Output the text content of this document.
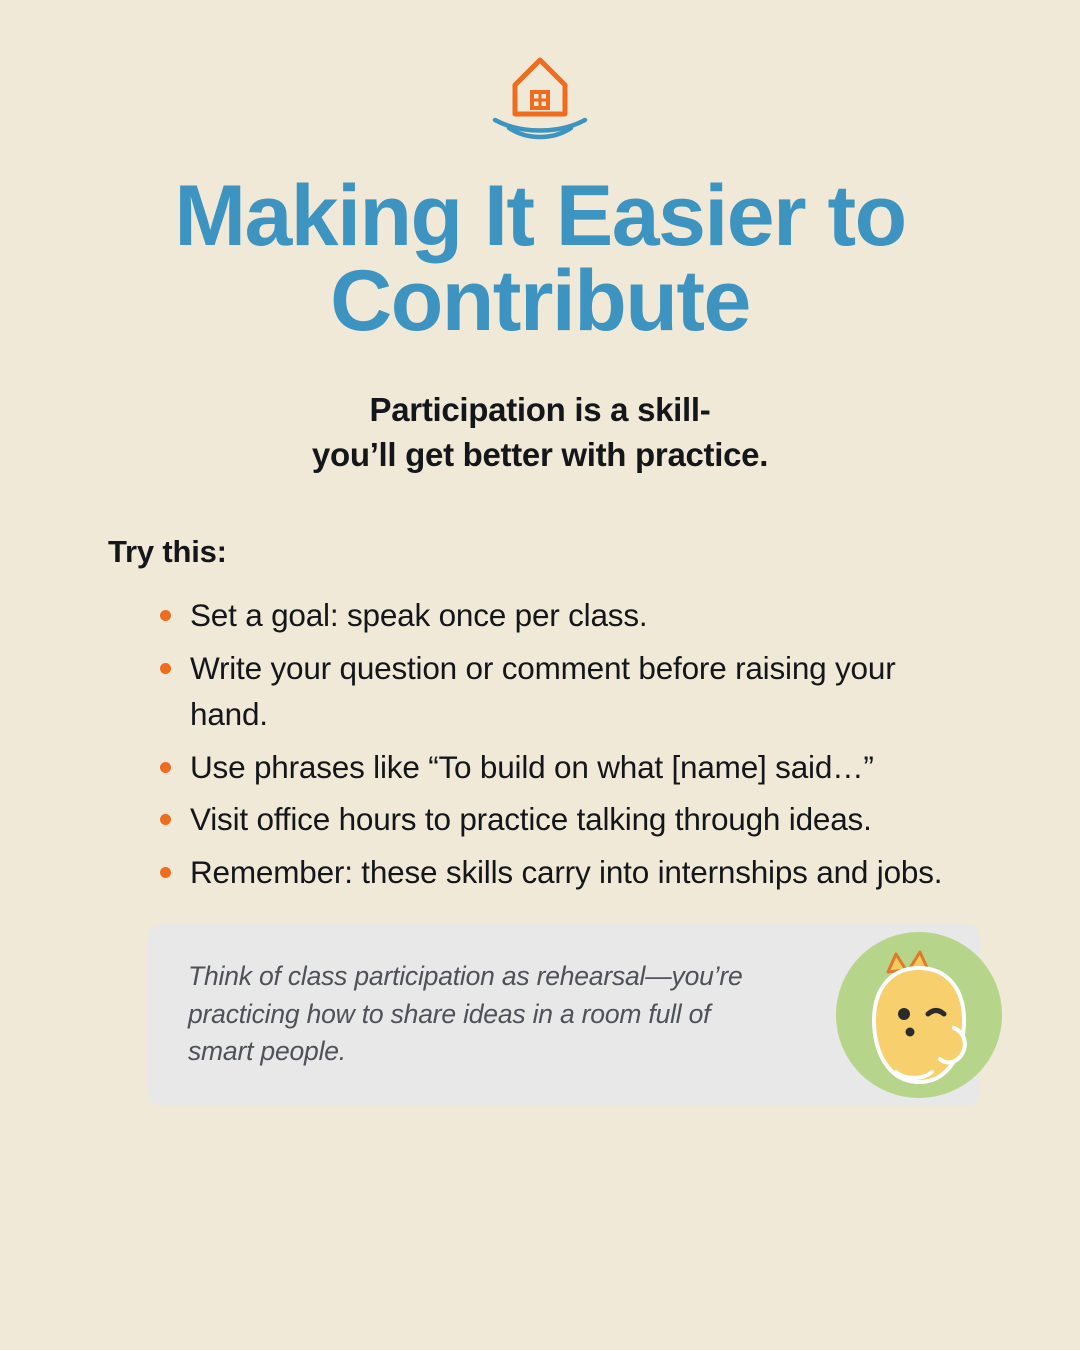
Making It Easier to Contribute
Participation is a skill-
you’ll get better with practice.
Try this:
Set a goal: speak once per class.
Write your question or comment before raising your hand.
Use phrases like “To build on what [name] said…”
Visit office hours to practice talking through ideas.
Remember: these skills carry into internships and jobs.
Think of class participation as rehearsal—you’re practicing how to share ideas in a room full of smart people.
